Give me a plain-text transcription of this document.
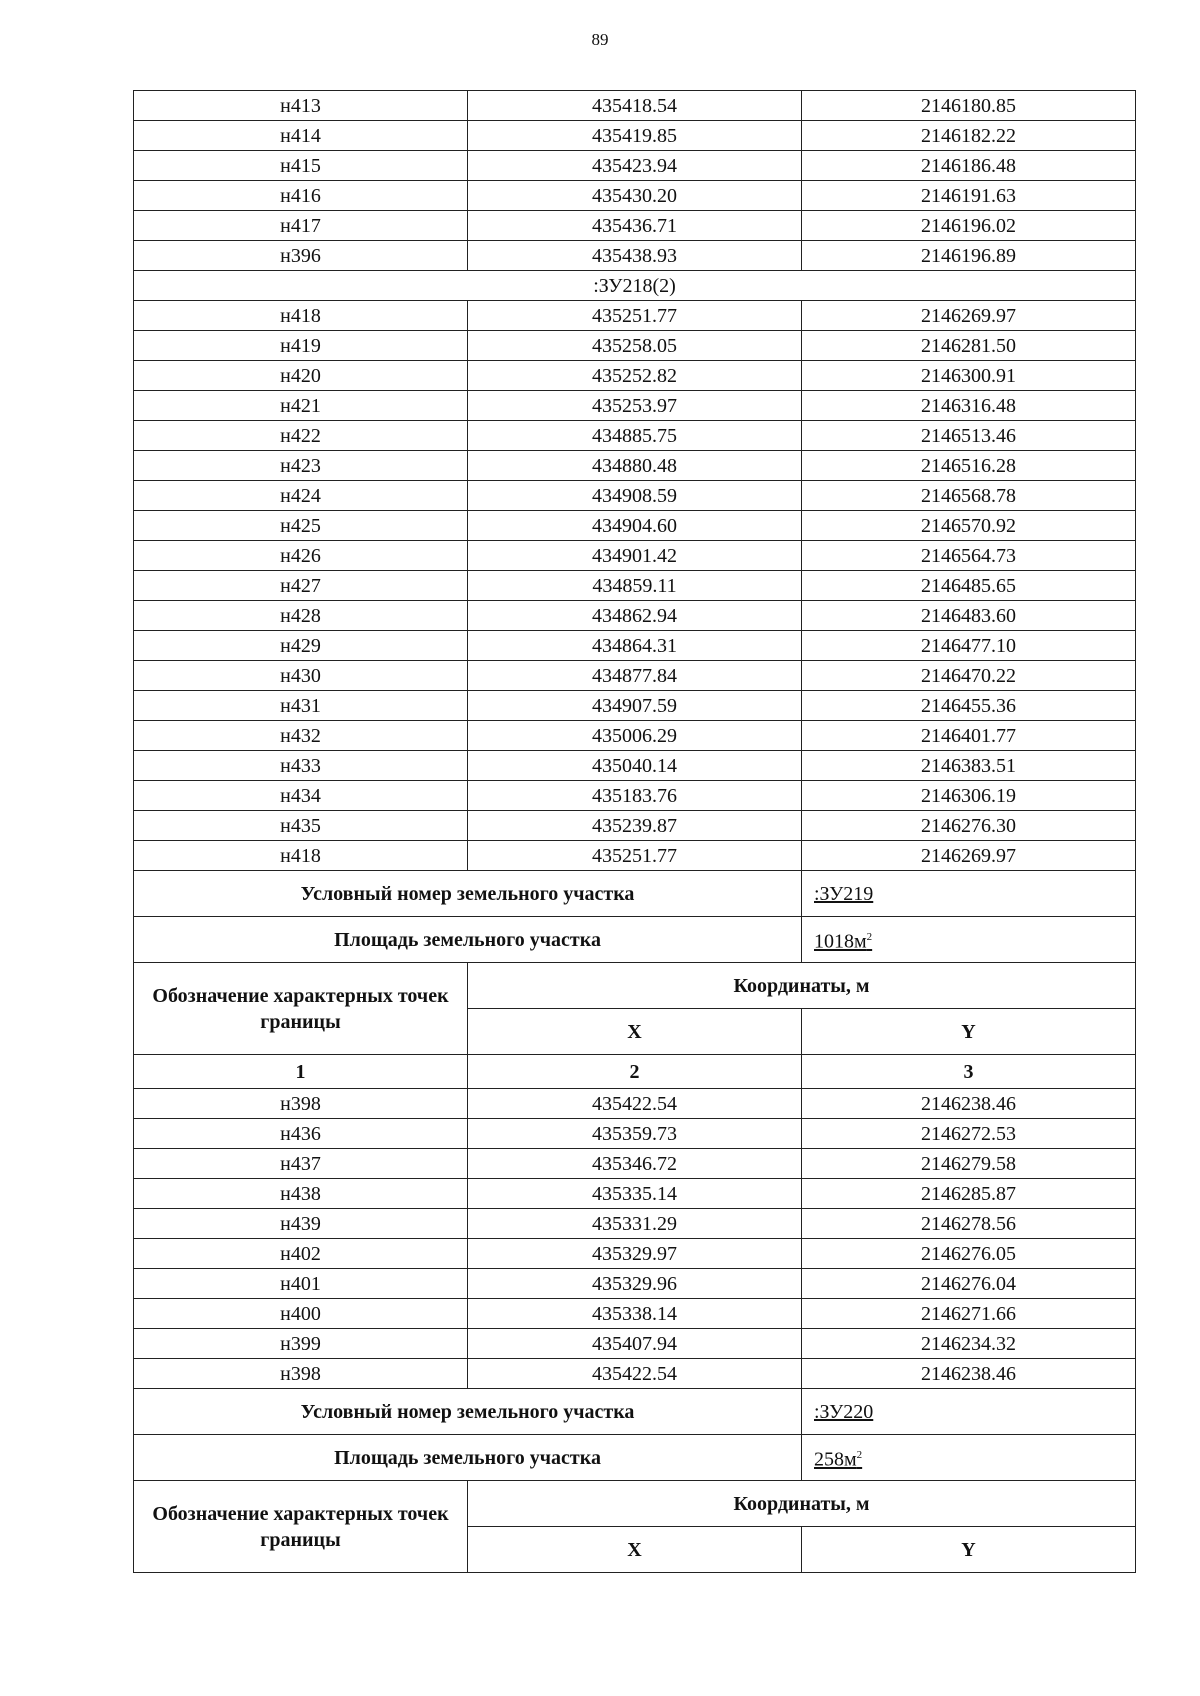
89
н413	435418.54	2146180.85
н414	435419.85	2146182.22
н415	435423.94	2146186.48
н416	435430.20	2146191.63
н417	435436.71	2146196.02
н396	435438.93	2146196.89
:ЗУ218(2)		
н418	435251.77	2146269.97
н419	435258.05	2146281.50
н420	435252.82	2146300.91
н421	435253.97	2146316.48
н422	434885.75	2146513.46
н423	434880.48	2146516.28
н424	434908.59	2146568.78
н425	434904.60	2146570.92
н426	434901.42	2146564.73
н427	434859.11	2146485.65
н428	434862.94	2146483.60
н429	434864.31	2146477.10
н430	434877.84	2146470.22
н431	434907.59	2146455.36
н432	435006.29	2146401.77
н433	435040.14	2146383.51
н434	435183.76	2146306.19
н435	435239.87	2146276.30
н418	435251.77	2146269.97
Условный номер земельного участка		:ЗУ219
Площадь земельного участка		$1018м^2$
Обозначение характерных точек границы	Координаты, м	
	X	Y
1	2	3
н398	435422.54	2146238.46
н436	435359.73	2146272.53
н437	435346.72	2146279.58
н438	435335.14	2146285.87
н439	435331.29	2146278.56
н402	435329.97	2146276.05
н401	435329.96	2146276.04
н400	435338.14	2146271.66
н399	435407.94	2146234.32
н398	435422.54	2146238.46
Условный номер земельного участка		:ЗУ220
Площадь земельного участка		$258м^2$
Обозначение характерных точек границы	Координаты, м	
	X	Y
